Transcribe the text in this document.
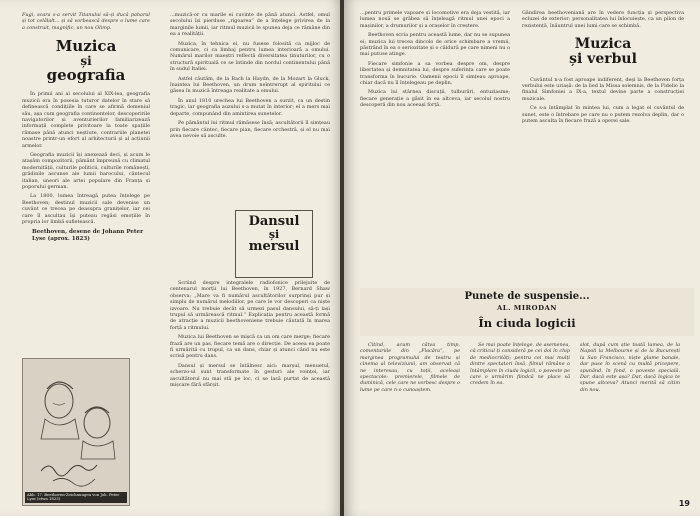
Fugi, scara s-a servit Titanului să-și ducă paharul și tot celălalt... și să vorbească despre o lume care a construit, magnific, un nou Olimp.

Muzica
și
geografia

În primii ani ai secolului al XIX-lea, geografia muzicii era în posesia tuturor datelor în stare să definească condițiile în care se afirmă domeniul său, așa cum geografia continentelor, descoperirile navigatorilor și aventurierilor familiarizează informații complete privitoare la toate spațiile rămase până atunci neștiute, contrariile planetei noastre printr-un efort al arhitecturii și al acțiunii armelor.

Geografia muzicii își anexează deci, și acum le atașăm compozitorii, pământ împreună cu climatul modernității, culturile politicii, culturile românești, grădinile ascunse ale lumii barocului, cântecul italian, uneori ale artei populare din Franța și poporului german.

La 1800, lumea întreagă putea înțelege pe Beethoven; destinul muzicii sale devenise un cuvânt ce trecea pe deasupra granițelor, iar cei care îl ascultau își puteau regăsi emoțiile în propria lor limbă sufletească.

Beethoven, desene de Johann Peter
Lyse (aprox. 1823)
Abb. 17. Beethoven-Zeichnungen von Joh. Peter Lyse (etwa 1823)

...muzică-or cu marile ei cuvinte de până atunci. Astfel, omul secolului își pierduse „rigoarea” de a înțelege privirea de la marginile lumii, iar ritmul muzicii le spunea deja ce rămâne din ea a realității.

Muzica, în tehnica ei, nu fusese folosită ca mijloc de comunicare, ci ca limbaj pentru lumea interioară a omului. Numărul marilor maeștri reflectă diversitatea ținuturilor, cu o structură spirituală ce se întinde din nordul continentului până în sudul Italiei.

Astfel căutăm, de la Bach la Haydn, de la Mozart la Gluck, înaintea lui Beethoven, un drum neîntrerupt al spiritului ce găsea în muzică întreaga realitate a omului.

În anul 1810 urechea lui Beethoven a surzit, ca un destin tragic, iar geografia auzului s-a mutat în interior; el a mers mai departe, compunând din amintirea sunetelor.

Pe pământul lui ritmul rămăsese însă; ascultătorii îl simțeau prin fiecare cântec, fiecare pian, fiecare orchestră, și el nu mai avea nevoie să asculte.

Dansul
și
mersul

Scriind despre integralele radiofonice prilejuite de centenarul morții lui Beethoven, în 1927, Bernard Shaw observa: „Mare va fi numărul ascultătorilor surprinși pur și simplu de numărul melodiilor, pe care le vor descoperi ca niște izvoare. Nu trebuie decât să urmezi pasul dansului, să-ți lași trupul să urmărească ritmul.” Explicația pentru această formă de atracție a muzicii beethoveniene trebuie căutată în marea forță a ritmului.

Muzica lui Beethoven se mișcă ca un om care merge; fiecare frază are un pas, fiecare temă are o direcție. De aceea ea poate fi urmărită cu trupul, ca un dans, chiar și atunci când nu este scrisă pentru dans.

Dansul și mersul se întâlnesc aici: marșul, menuetul, scherzo-ul sunt transformate în gesturi ale voinței, iar ascultătorul nu mai stă pe loc, ci se lasă purtat de această mișcare fără sfârșit.

...pentru primele vapoare și locomotive era deja vestită, iar lumea nouă se grăbea să înțeleagă ritmul unei epoci a mașinilor, a drumurilor și a orașelor în creștere.

Beethoven scria pentru această lume, dar nu se supunea ei; muzica lui trecea dincolo de orice schimbare a vremii, păstrând în ea o seriozitate și o căldură pe care nimeni nu o mai putuse atinge.

Fiecare simfonie a sa vorbea despre om, despre libertatea și demnitatea lui, despre suferința care se poate transforma în bucurie. Oamenii epocii îl simțeau aproape, chiar dacă nu îl înțelegeau pe deplin.

Muzica lui stârnea discuții, tulburări, entuziasme; fiecare generație a găsit în ea altceva, iar secolul nostru descoperă din nou aceeași forță.

Gândirea beethoveniană are în vedere funcția și perspectiva ecluzei de exterior; personalitatea lui înlocuiește, ca un pilon de rezistență, înăuntrul unei lumi care se schimbă.

Muzica
și verbul

Cuvântul n-a fost aproape indiferent, deși la Beethoven forța verbului este uriașă: de la lied la Missa solemnis, de la Fidelio la finalul Simfoniei a IX-a, textul devine parte a construcției muzicale.

Ce s-a întâmplat în mintea lui, cum a legat el cuvântul de sunet, este o întrebare pe care nu o putem rezolva deplin, dar o putem asculta în fiecare frază a operei sale.

Punete de suspensie...
AL. MIRODAN
În ciuda logicii

Citind, acum câtva timp, comentariile din „Flacăra”, pe marginea programului de teatru și cinema al televiziunii, am observat că ne interesau, cu toții, aceleași spectacole: premierele, filmele de duminică, cele care ne vorbesc despre o lume pe care n-o cunoaștem.

Se mai poate înțelege, de asemenea, că criticul ți consideră pe cei doi în chip de mediocrități; pentru cei mai mulți dintre spectatori însă, filmul rămâne o întâmplare în ciuda logicii, o poveste pe care o urmărim fiindcă ne place să credem în ea.

slot, după cum știe toată lumea, de la Napoli la Melbourne și de la București la San Francisco, niște glume banale, dar puse în scenă cu multă pricepere, spunând, în fond, o poveste specială. Dar, dacă este așa? Dar, dacă logica te spune altceva? Atunci merită să citim din nou.

19
